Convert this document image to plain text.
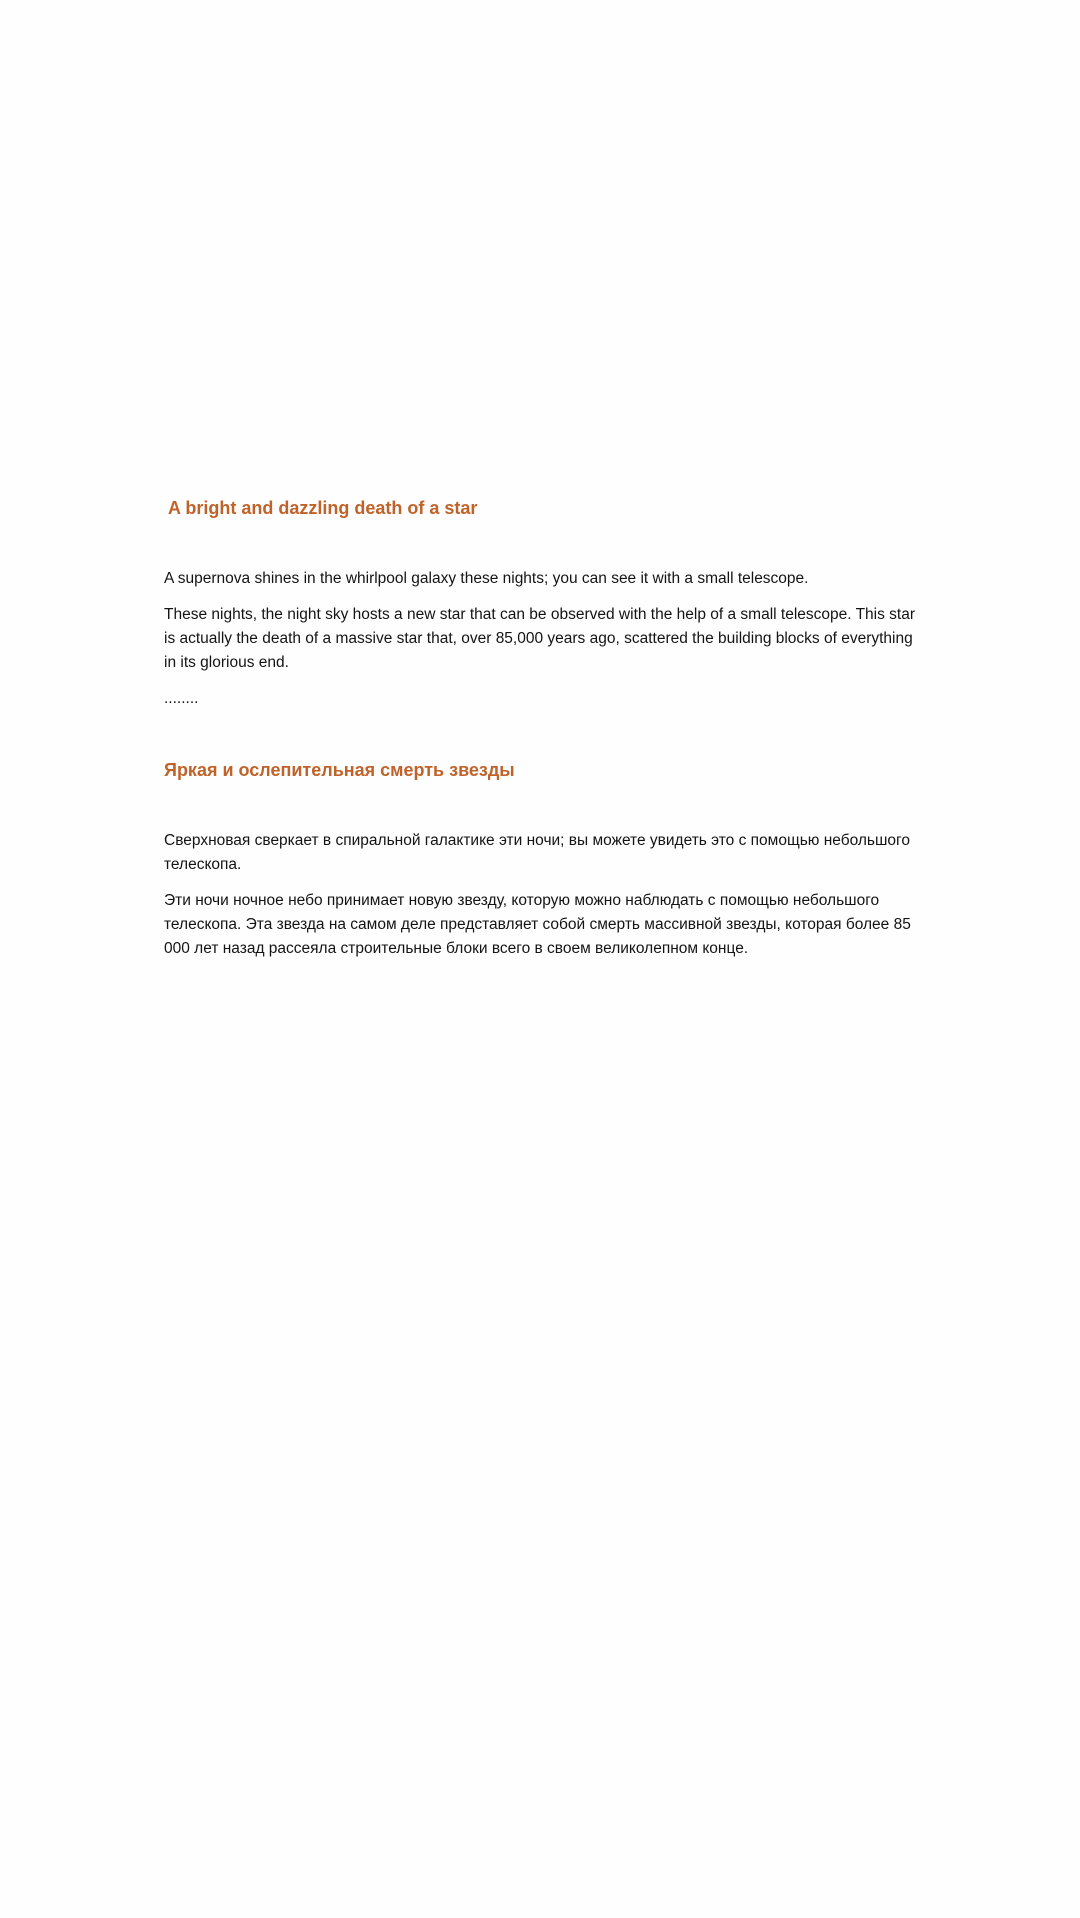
A bright and dazzling death of a star

A supernova shines in the whirlpool galaxy these nights; you can see it with a small telescope.

These nights, the night sky hosts a new star that can be observed with the help of a small telescope. This star is actually the death of a massive star that, over 85,000 years ago, scattered the building blocks of everything in its glorious end.

........

Яркая и ослепительная смерть звезды

Сверхновая сверкает в спиральной галактике эти ночи; вы можете увидеть это с помощью небольшого телескопа.

Эти ночи ночное небо принимает новую звезду, которую можно наблюдать с помощью небольшого телескопа. Эта звезда на самом деле представляет собой смерть массивной звезды, которая более 85 000 лет назад рассеяла строительные блоки всего в своем великолепном конце.
